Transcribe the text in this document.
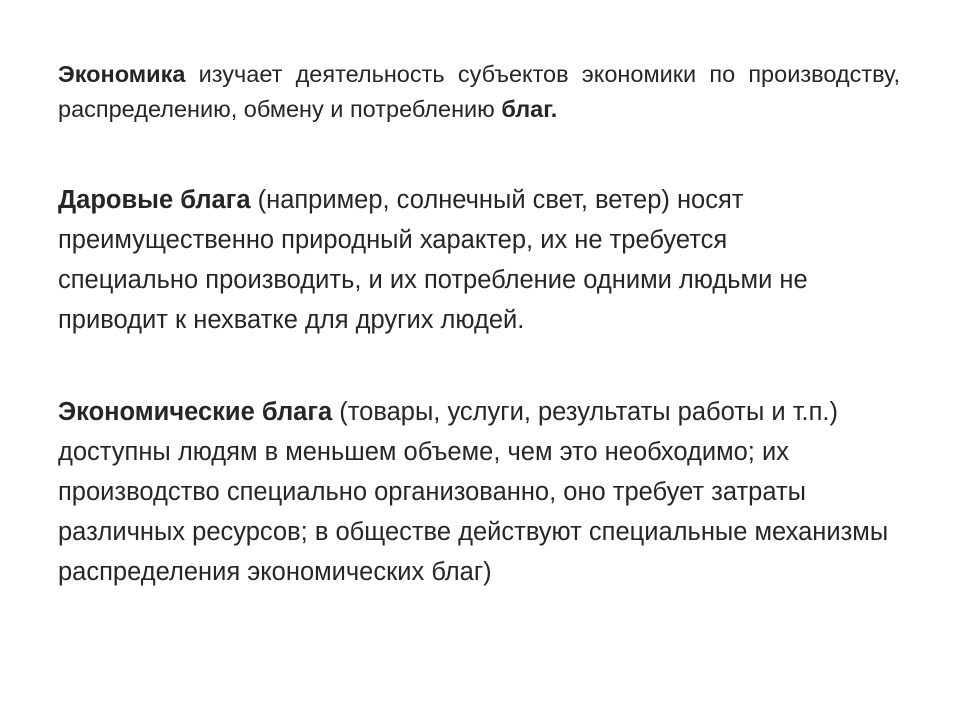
Экономика изучает деятельность субъектов экономики по производству, распределению, обмену и потреблению благ.

Даровые блага (например, солнечный свет, ветер) носят преимущественно природный характер, их не требуется специально производить, и их потребление одними людьми не приводит к нехватке для других людей.

Экономические блага (товары, услуги, результаты работы и т.п.) доступны людям в меньшем объеме, чем это необходимо; их производство специально организованно, оно требует затраты различных ресурсов; в обществе действуют специальные механизмы распределения экономических благ)
